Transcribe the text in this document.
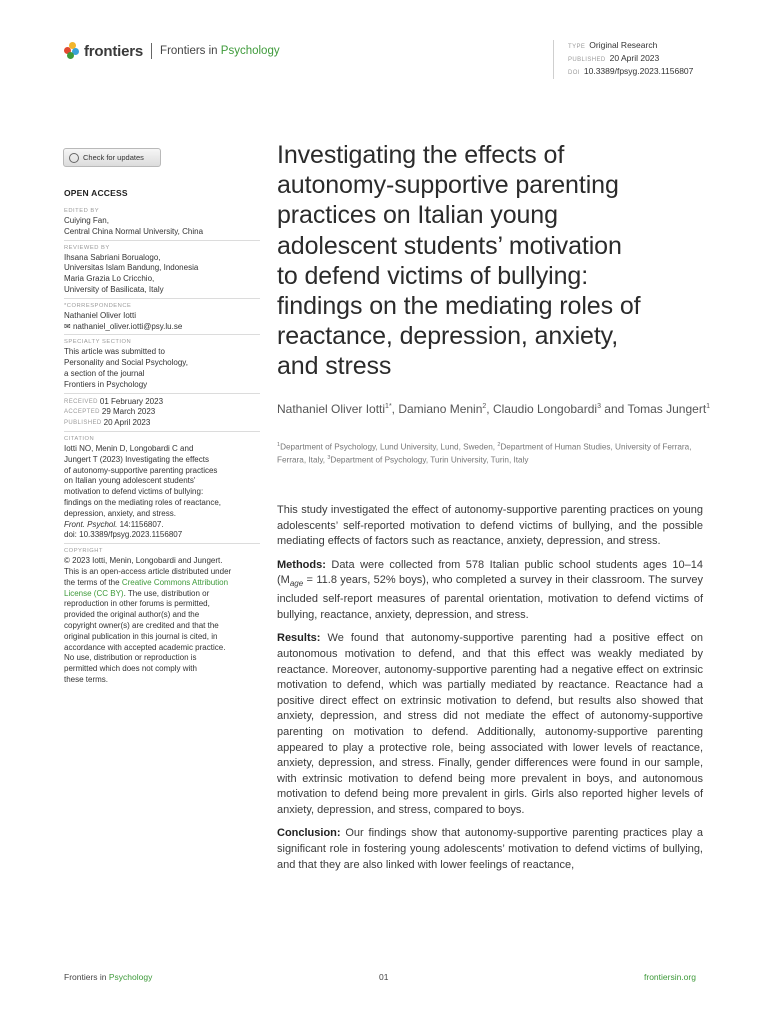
frontiers Frontiers in Psychology	TYPE Original Research
PUBLISHED 20 April 2023
DOI 10.3389/fpsyg.2023.1156807
Check for updates
OPEN ACCESS
EDITED BY
Cuiying Fan,
Central China Normal University, China
REVIEWED BY
Ihsana Sabriani Borualogo,
Universitas Islam Bandung, Indonesia
Maria Grazia Lo Cricchio,
University of Basilicata, Italy
*CORRESPONDENCE
Nathaniel Oliver Iotti
✉ nathaniel_oliver.iotti@psy.lu.se
SPECIALTY SECTION
This article was submitted to
Personality and Social Psychology,
a section of the journal
Frontiers in Psychology
RECEIVED 01 February 2023
ACCEPTED 29 March 2023
PUBLISHED 20 April 2023
CITATION
Iotti NO, Menin D, Longobardi C and
Jungert T (2023) Investigating the effects
of autonomy-supportive parenting practices
on Italian young adolescent students'
motivation to defend victims of bullying:
findings on the mediating roles of reactance,
depression, anxiety, and stress.
Front. Psychol. 14:1156807.
doi: 10.3389/fpsyg.2023.1156807
COPYRIGHT
© 2023 Iotti, Menin, Longobardi and Jungert.
This is an open-access article distributed under
the terms of the Creative Commons Attribution
License (CC BY). The use, distribution or
reproduction in other forums is permitted,
provided the original author(s) and the
copyright owner(s) are credited and that the
original publication in this journal is cited, in
accordance with accepted academic practice.
No use, distribution or reproduction is
permitted which does not comply with
these terms.
Investigating the effects of
autonomy-supportive parenting
practices on Italian young
adolescent students’ motivation
to defend victims of bullying:
findings on the mediating roles of
reactance, depression, anxiety,
and stress
Nathaniel Oliver Iotti$^{1*}$, Damiano Menin$^2$, Claudio Longobardi$^3$ and Tomas Jungert$^1$
$^1$Department of Psychology, Lund University, Lund, Sweden, $^2$Department of Human Studies, University of Ferrara, Ferrara, Italy, $^3$Department of Psychology, Turin University, Turin, Italy

This study investigated the effect of autonomy-supportive parenting practices on young adolescents’ self-reported motivation to defend victims of bullying, and the possible mediating effects of factors such as reactance, anxiety, depression, and stress.

Methods: Data were collected from 578 Italian public school students ages 10–14 ($M_{age} = 11.8$ years, 52% boys), who completed a survey in their classroom. The survey included self-report measures of parental orientation, motivation to defend victims of bullying, reactance, anxiety, depression, and stress.

Results: We found that autonomy-supportive parenting had a positive effect on autonomous motivation to defend, and that this effect was weakly mediated by reactance. Moreover, autonomy-supportive parenting had a negative effect on extrinsic motivation to defend, which was partially mediated by reactance. Reactance had a positive direct effect on extrinsic motivation to defend, but results also showed that anxiety, depression, and stress did not mediate the effect of autonomy-supportive parenting on motivation to defend. Additionally, autonomy-supportive parenting appeared to play a protective role, being associated with lower levels of reactance, anxiety, depression, and stress. Finally, gender differences were found in our sample, with extrinsic motivation to defend being more prevalent in boys, and autonomous motivation to defend being more prevalent in girls. Girls also reported higher levels of anxiety, depression, and stress, compared to boys.

Conclusion: Our findings show that autonomy-supportive parenting practices play a significant role in fostering young adolescents’ motivation to defend victims of bullying, and that they are also linked with lower feelings of reactance,

Frontiers in Psychology	01	frontiersin.org
